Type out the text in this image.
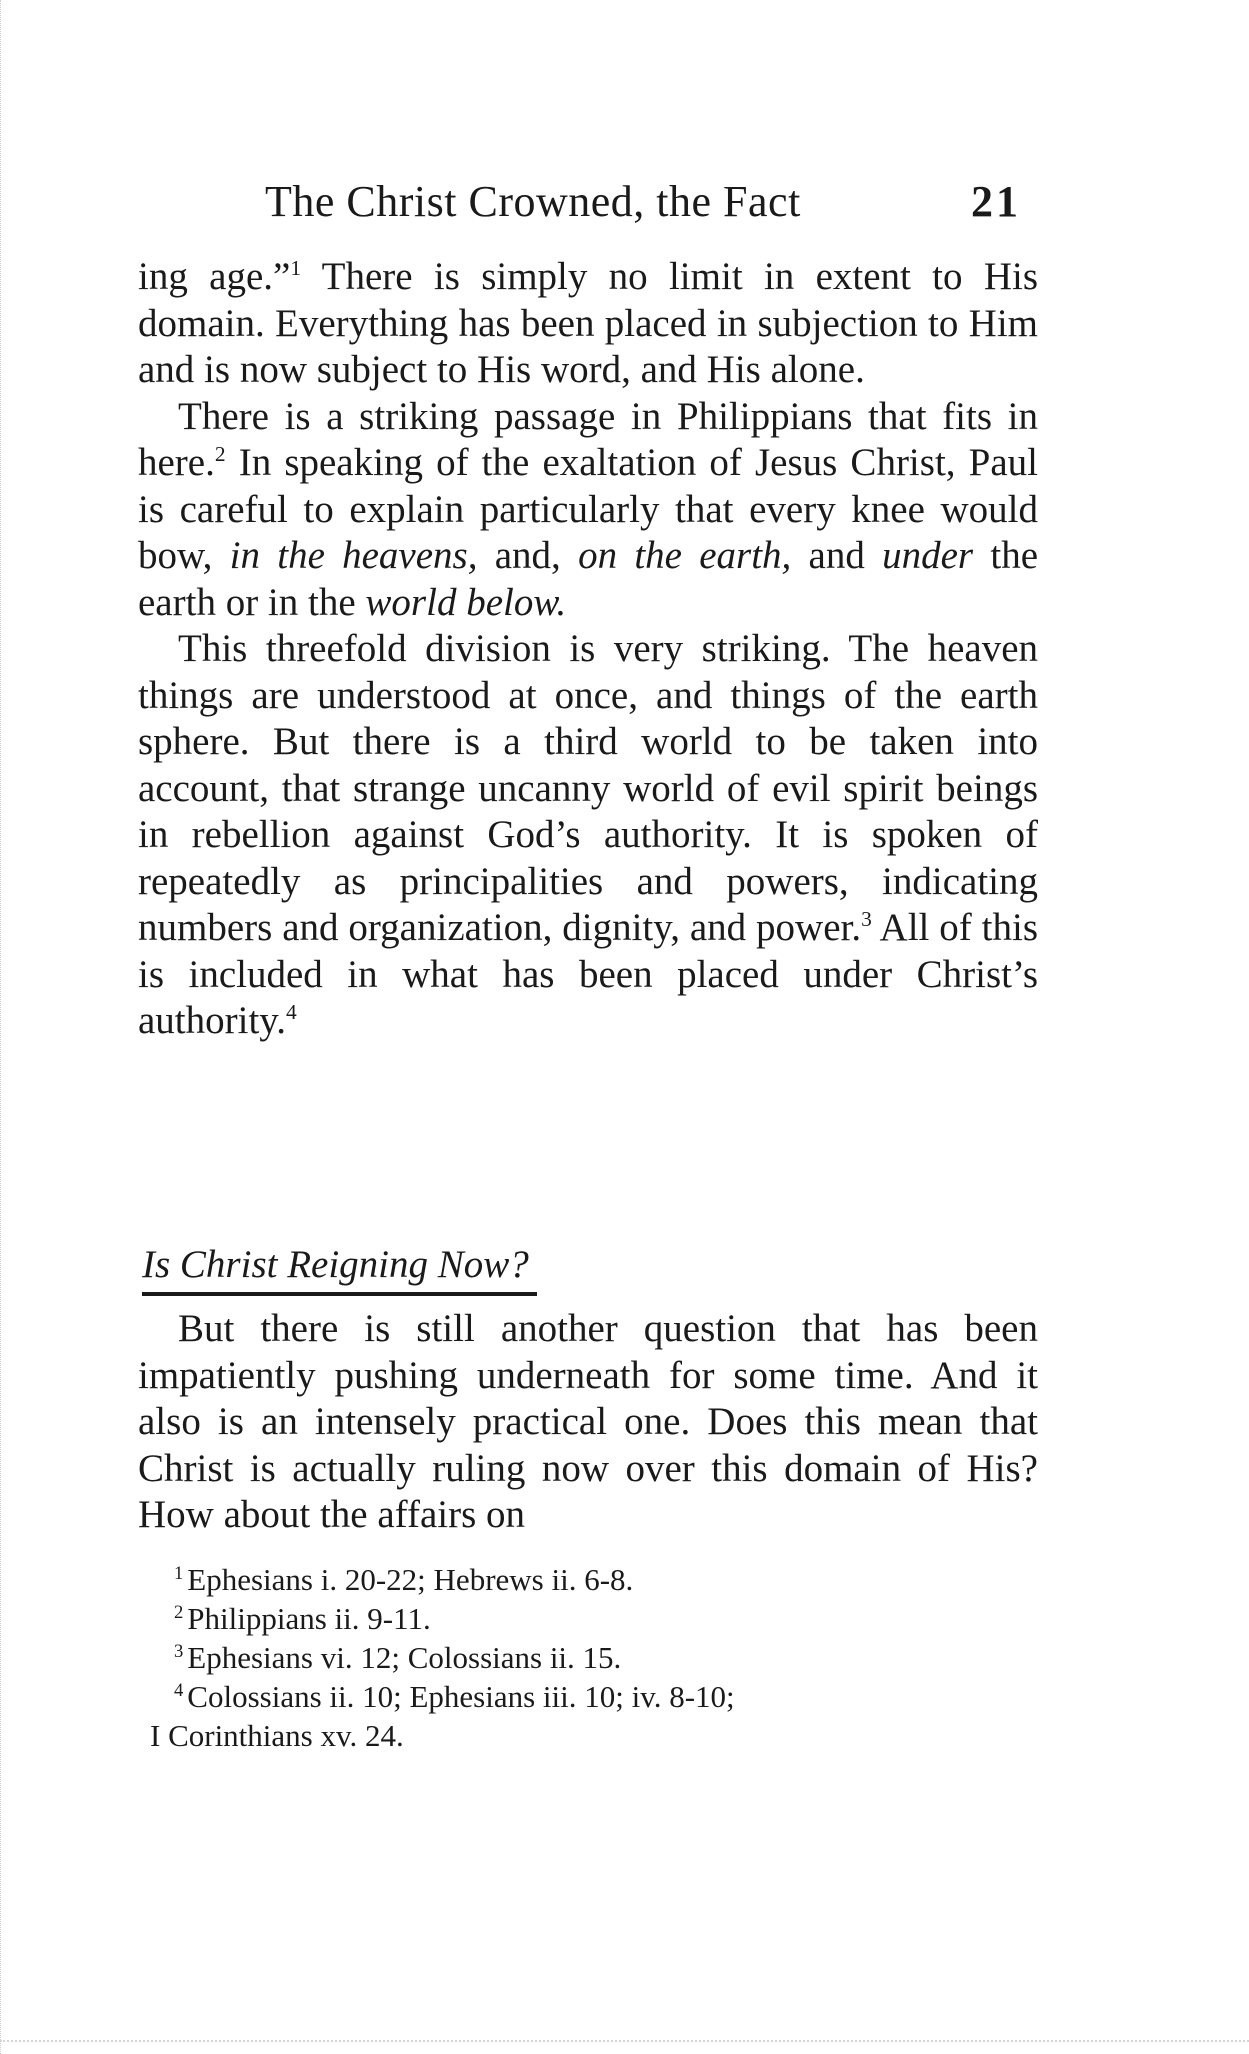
The Christ Crowned, the Fact	21

ing age.”$^1$ There is simply no limit in extent to His domain. Everything has been placed in subjection to Him and is now subject to His word, and His alone.

There is a striking passage in Philippians that fits in here.$^2$ In speaking of the exaltation of Jesus Christ, Paul is careful to explain particularly that every knee would bow, in the heavens, and, on the earth, and under the earth or in the world below.

This threefold division is very striking. The heaven things are understood at once, and things of the earth sphere. But there is a third world to be taken into account, that strange uncanny world of evil spirit beings in rebellion against God’s authority. It is spoken of repeatedly as principalities and powers, indicating numbers and organization, dignity, and power.$^3$ All of this is included in what has been placed under Christ’s authority.$^4$

Is Christ Reigning Now?

But there is still another question that has been impatiently pushing underneath for some time. And it also is an intensely practical one. Does this mean that Christ is actually ruling now over this domain of His? How about the affairs on

$^1$ Ephesians i. 20-22; Hebrews ii. 6-8.

$^2$ Philippians ii. 9-11.

$^3$ Ephesians vi. 12; Colossians ii. 15.

$^4$ Colossians ii. 10; Ephesians iii. 10; iv. 8-10;

I Corinthians xv. 24.
